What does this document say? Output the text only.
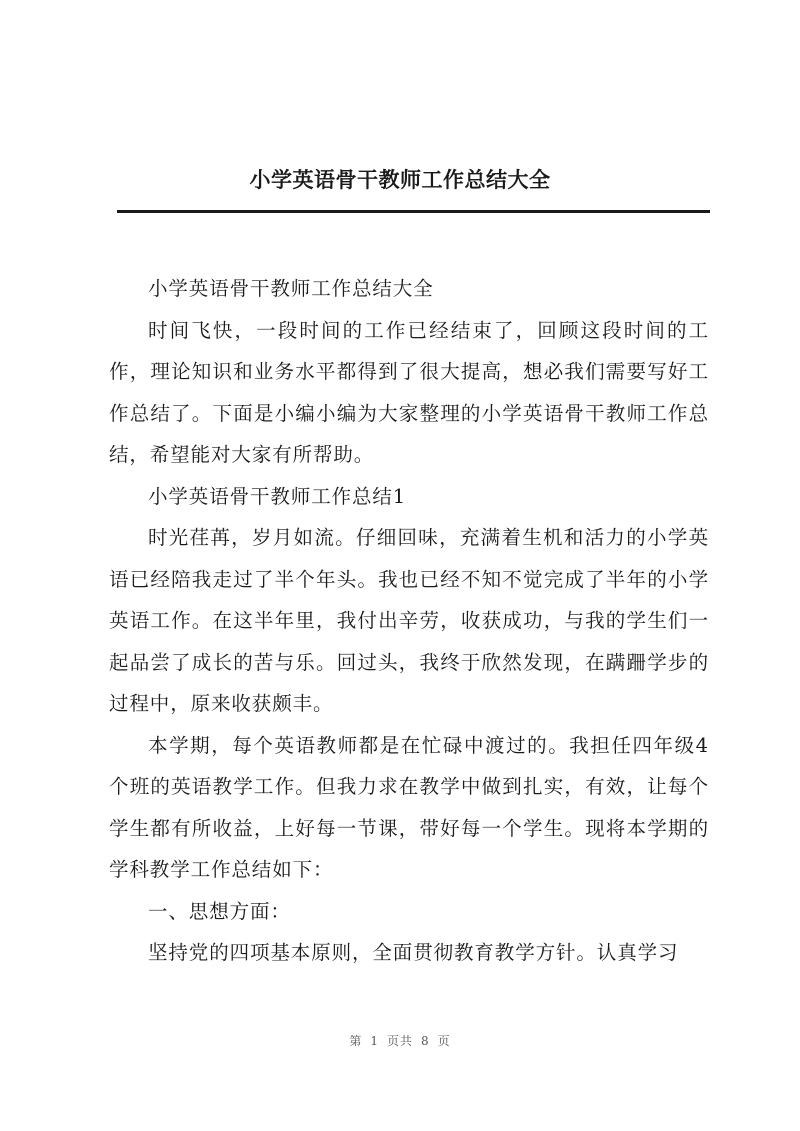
小学英语骨干教师工作总结大全

小学英语骨干教师工作总结大全

时间飞快，一段时间的工作已经结束了，回顾这段时间的工作，理论知识和业务水平都得到了很大提高，想必我们需要写好工作总结了。下面是小编小编为大家整理的小学英语骨干教师工作总结，希望能对大家有所帮助。

小学英语骨干教师工作总结1

时光荏苒，岁月如流。仔细回味，充满着生机和活力的小学英语已经陪我走过了半个年头。我也已经不知不觉完成了半年的小学英语工作。在这半年里，我付出辛劳，收获成功，与我的学生们一起品尝了成长的苦与乐。回过头，我终于欣然发现，在蹒跚学步的过程中，原来收获颇丰。

本学期，每个英语教师都是在忙碌中渡过的。我担任四年级4个班的英语教学工作。但我力求在教学中做到扎实，有效，让每个学生都有所收益，上好每一节课，带好每一个学生。现将本学期的学科教学工作总结如下：

一、思想方面：

坚持党的四项基本原则，全面贯彻教育教学方针。认真学习

第 1 页共 8 页
